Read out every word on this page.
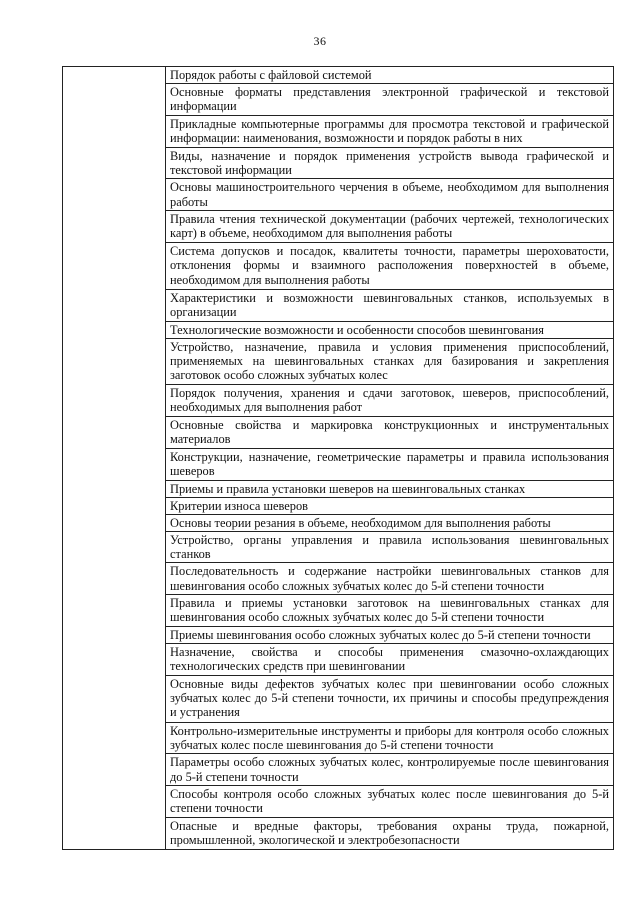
36
	Порядок работы с файловой системой
Основные форматы представления электронной графической и текстовой информации
Прикладные компьютерные программы для просмотра текстовой и графической информации: наименования, возможности и порядок работы в них
Виды, назначение и порядок применения устройств вывода графической и текстовой информации
Основы машиностроительного черчения в объеме, необходимом для выполнения работы
Правила чтения технической документации (рабочих чертежей, технологических карт) в объеме, необходимом для выполнения работы
Система допусков и посадок, квалитеты точности, параметры шероховатости, отклонения формы и взаимного расположения поверхностей в объеме, необходимом для выполнения работы
Характеристики и возможности шевинговальных станков, используемых в организации
Технологические возможности и особенности способов шевингования
Устройство, назначение, правила и условия применения приспособлений, применяемых на шевинговальных станках для базирования и закрепления заготовок особо сложных зубчатых колес
Порядок получения, хранения и сдачи заготовок, шеверов, приспособлений, необходимых для выполнения работ
Основные свойства и маркировка конструкционных и инструментальных материалов
Конструкции, назначение, геометрические параметры и правила использования шеверов
Приемы и правила установки шеверов на шевинговальных станках
Критерии износа шеверов
Основы теории резания в объеме, необходимом для выполнения работы
Устройство, органы управления и правила использования шевинговальных станков
Последовательность и содержание настройки шевинговальных станков для шевингования особо сложных зубчатых колес до 5-й степени точности
Правила и приемы установки заготовок на шевинговальных станках для шевингования особо сложных зубчатых колес до 5-й степени точности
Приемы шевингования особо сложных зубчатых колес до 5-й степени точности
Назначение, свойства и способы применения смазочно-охлаждающих технологических средств при шевинговании
Основные виды дефектов зубчатых колес при шевинговании особо сложных зубчатых колес до 5-й степени точности, их причины и способы предупреждения и устранения
Контрольно-измерительные инструменты и приборы для контроля особо сложных зубчатых колес после шевингования до 5-й степени точности
Параметры особо сложных зубчатых колес, контролируемые после шевингования до 5-й степени точности
Способы контроля особо сложных зубчатых колес после шевингования до 5-й степени точности
Опасные и вредные факторы, требования охраны труда, пожарной, промышленной, экологической и электробезопасности
